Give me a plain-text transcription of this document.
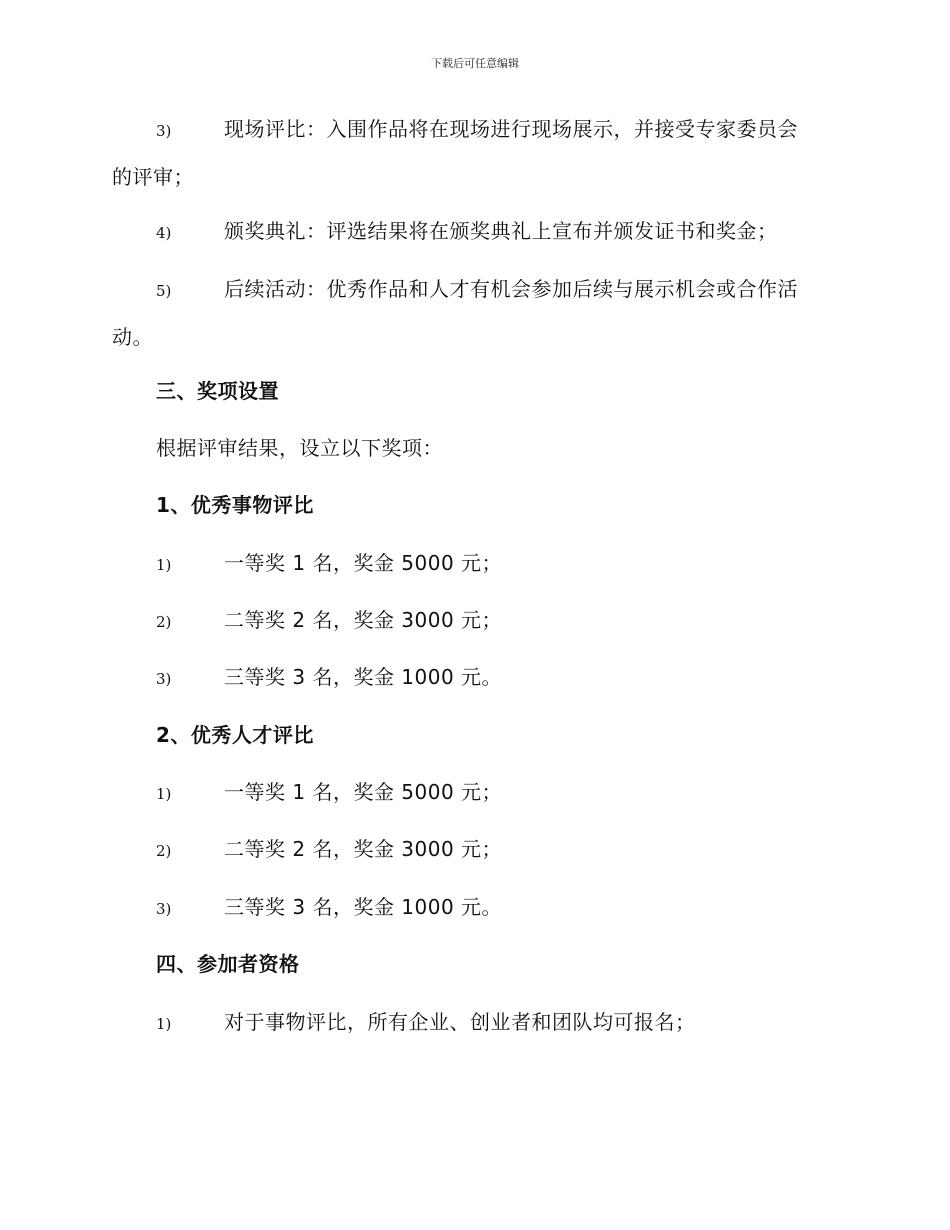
下载后可任意编辑
3)	现场评比：入围作品将在现场进行现场展示，并接受专家委员会
的评审；
4)	颁奖典礼：评选结果将在颁奖典礼上宣布并颁发证书和奖金；
5)	后续活动：优秀作品和人才有机会参加后续与展示机会或合作活
动。
三、奖项设置
根据评审结果，设立以下奖项：
1、优秀事物评比
1)	一等奖 1 名，奖金 5000 元；
2)	二等奖 2 名，奖金 3000 元；
3)	三等奖 3 名，奖金 1000 元。
2、优秀人才评比
1)	一等奖 1 名，奖金 5000 元；
2)	二等奖 2 名，奖金 3000 元；
3)	三等奖 3 名，奖金 1000 元。
四、参加者资格
1)	对于事物评比，所有企业、创业者和团队均可报名；
